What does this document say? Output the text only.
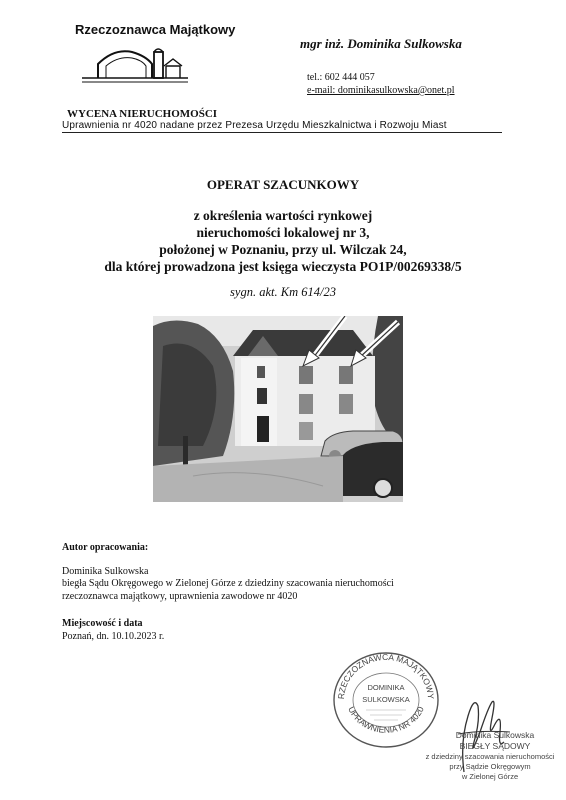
Rzeczoznawca Majątkowy
mgr inż. Dominika Sulkowska
tel.: 602 444 057
e-mail: dominikasulkowska@onet.pl
WYCENA NIERUCHOMOŚCI
Uprawnienia nr 4020 nadane przez Prezesa Urzędu Mieszkalnictwa i Rozwoju Miast
OPERAT SZACUNKOWY
z określenia wartości rynkowej
nieruchomości lokalowej nr 3,
położonej w Poznaniu, przy ul. Wilczak 24,
dla której prowadzona jest księga wieczysta PO1P/00269338/5
sygn. akt. Km 614/23
Autor opracowania:
Dominika Sulkowska
biegła Sądu Okręgowego w Zielonej Górze z dziedziny szacowania nieruchomości
rzeczoznawca majątkowy, uprawnienia zawodowe nr 4020
Miejscowość i data
Poznań, dn. 10.10.2023 r.
RZECZOZNAWCA MAJĄTKOWY
UPRAWNIENIA NR 4020
DOMINIKA
SULKOWSKA
Dominika Sulkowska
BIEGŁY SĄDOWY
z dziedziny szacowania nieruchomości
przy Sądzie Okręgowym
w Zielonej Górze
